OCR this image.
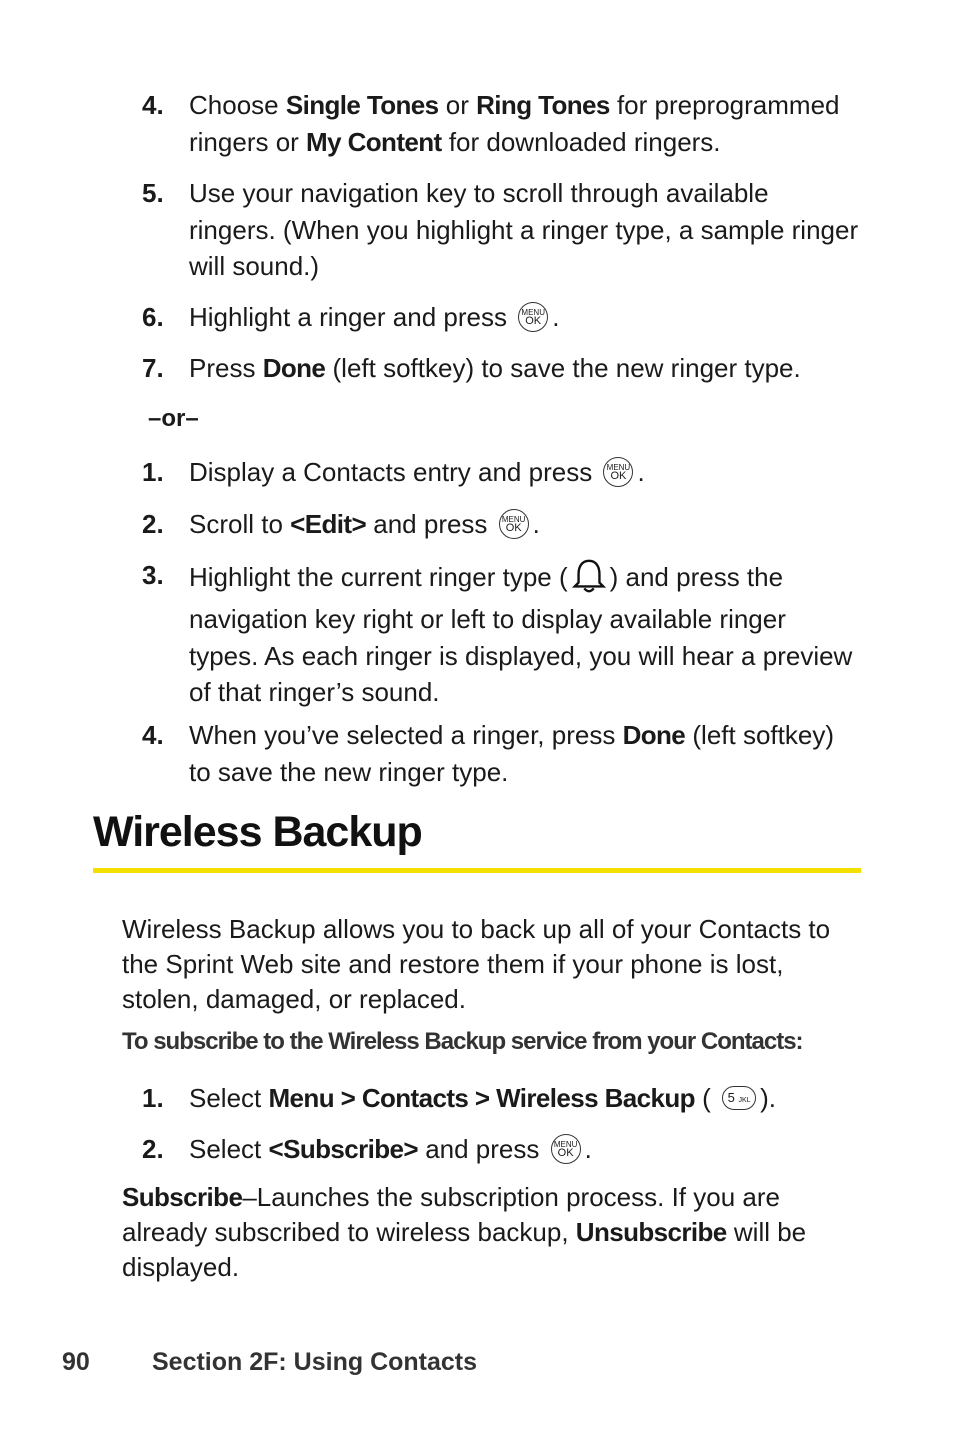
4. Choose Single Tones or Ring Tones for preprogrammed ringers or My Content for downloaded ringers.
5. Use your navigation key to scroll through available ringers. (When you highlight a ringer type, a sample ringer will sound.)
6. Highlight a ringer and press MENU
OK .
7. Press Done (left softkey) to save the new ringer type.
–or–
1. Display a Contacts entry and press MENU
OK .
2. Scroll to <Edit> and press MENU
OK .
3. Highlight the current ringer type ( ) and press the navigation key right or left to display available ringer types. As each ringer is displayed, you will hear a preview of that ringer’s sound.
4. When you’ve selected a ringer, press Done (left softkey) to save the new ringer type.
Wireless Backup
Wireless Backup allows you to back up all of your Contacts to the Sprint Web site and restore them if your phone is lost, stolen, damaged, or replaced.
To subscribe to the Wireless Backup service from your Contacts:
1. Select Menu > Contacts > Wireless Backup ( 5 JKL ).
2. Select <Subscribe> and press MENU
OK .
Subscribe–Launches the subscription process. If you are already subscribed to wireless backup, Unsubscribe will be displayed.
90 Section 2F: Using Contacts
